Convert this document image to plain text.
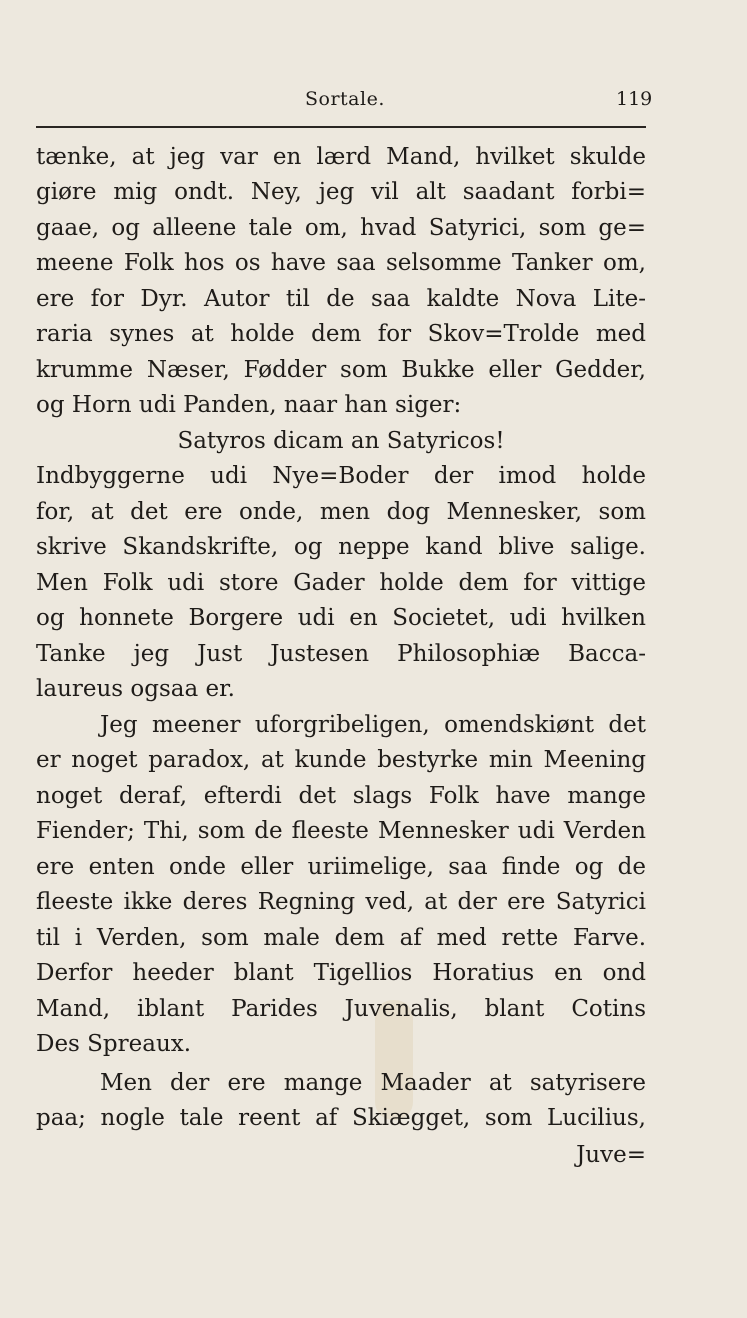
Sortale.	119
tænke, at jeg var en lærd Mand, hvilket skulde
giøre mig ondt. Ney, jeg vil alt saadant forbi=
gaae, og alleene tale om, hvad Satyrici, som ge=
meene Folk hos os have saa selsomme Tanker om,
ere for Dyr. Autor til de saa kaldte Nova Lite-
raria synes at holde dem for Skov=Trolde med
krumme Næser, Fødder som Bukke eller Gedder,
og Horn udi Panden, naar han siger:
Satyros dicam an Satyricos!
Indbyggerne udi Nye=Boder der imod holde
for, at det ere onde, men dog Mennesker, som
skrive Skandskrifte, og neppe kand blive salige.
Men Folk udi store Gader holde dem for vittige
og honnete Borgere udi en Societet, udi hvilken
Tanke jeg Just Justesen Philosophiæ Bacca-
laureus ogsaa er.
Jeg meener uforgribeligen, omendskiønt det
er noget paradox, at kunde bestyrke min Meening
noget deraf, efterdi det slags Folk have mange
Fiender; Thi, som de fleeste Mennesker udi Verden
ere enten onde eller uriimelige, saa finde og de
fleeste ikke deres Regning ved, at der ere Satyrici
til i Verden, som male dem af med rette Farve.
Derfor heeder blant Tigellios Horatius en ond
Mand, iblant Parides Juvenalis, blant Cotins
Des Spreaux.
Men der ere mange Maader at satyrisere
paa; nogle tale reent af Skiægget, som Lucilius,
Juve=
